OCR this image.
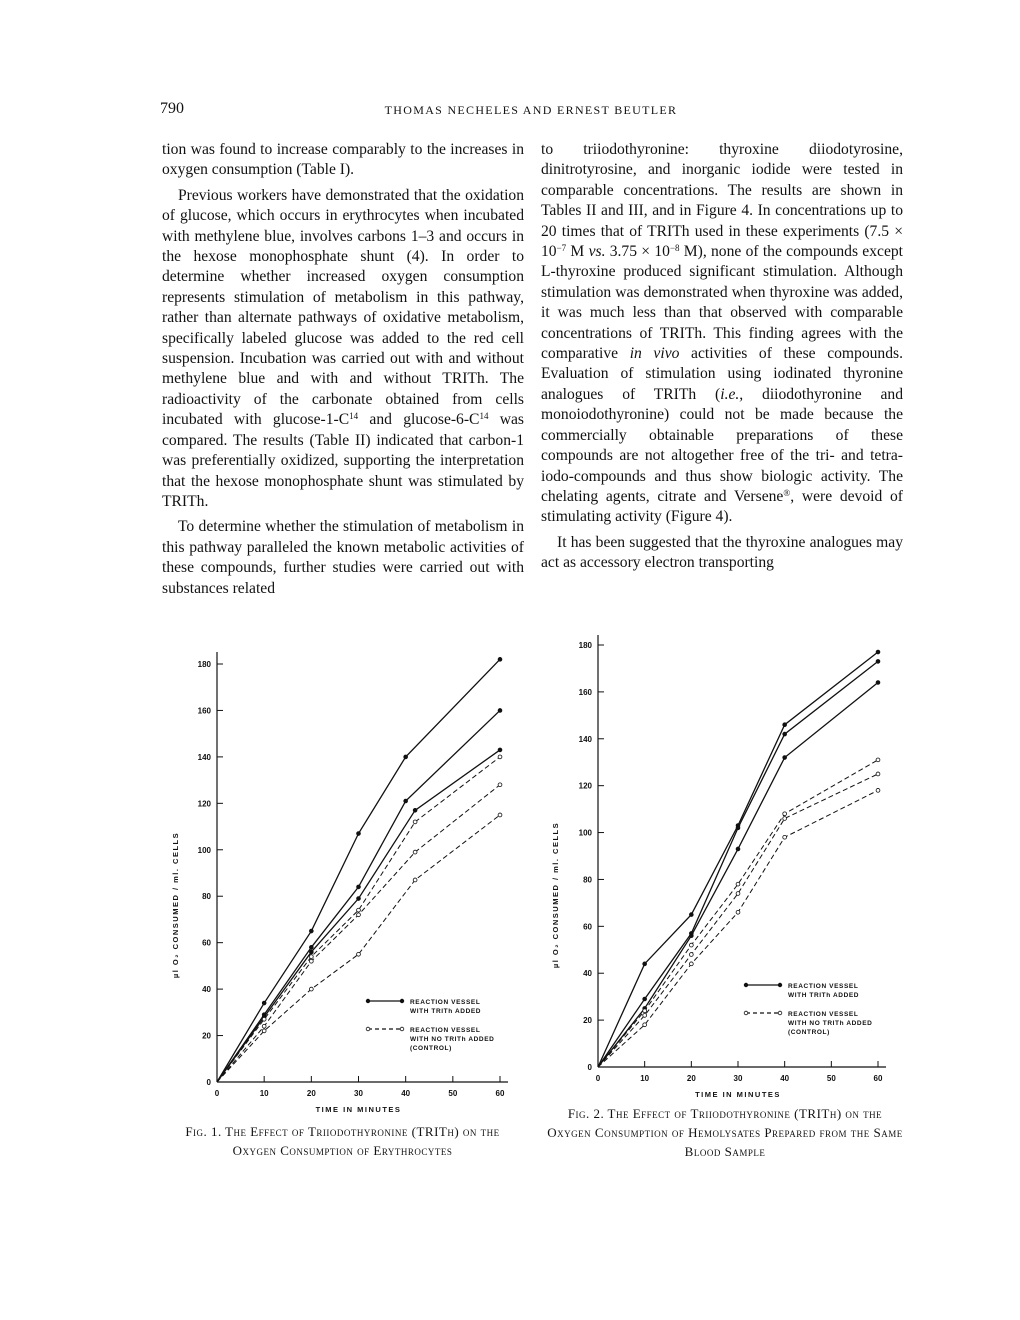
790	THOMAS NECHELES AND ERNEST BEUTLER

tion was found to increase comparably to the increases in oxygen consumption (Table I).

Previous workers have demonstrated that the oxidation of glucose, which occurs in erythrocytes when incubated with methylene blue, involves carbons 1–3 and occurs in the hexose monophosphate shunt (4). In order to determine whether increased oxygen consumption represents stimulation of metabolism in this pathway, rather than alternate pathways of oxidative metabolism, specifically labeled glucose was added to the red cell suspension. Incubation was carried out with and without methylene blue and with and without TRITh. The radioactivity of the carbonate obtained from cells incubated with glucose-$1-C^{14}$ and glucose-$6-C^{14}$ was compared. The results (Table II) indicated that carbon-1 was preferentially oxidized, supporting the interpretation that the hexose monophosphate shunt was stimulated by TRITh.

To determine whether the stimulation of metabolism in this pathway paralleled the known metabolic activities of these compounds, further studies were carried out with substances related

to triiodothyronine: thyroxine diiodotyrosine, dinitrotyrosine, and inorganic iodide were tested in comparable concentrations. The results are shown in Tables II and III, and in Figure 4. In concentrations up to 20 times that of TRITh used in these experiments ($7.5 \times 10^{-7}$ M vs. $3.75 \times 10^{-8}$ M), none of the compounds except L-thyroxine produced significant stimulation. Although stimulation was demonstrated when thyroxine was added, it was much less than that observed with comparable concentrations of TRITh. This finding agrees with the comparative in vivo activities of these compounds. Evaluation of stimulation using iodinated thyronine analogues of TRITh (i.e., diiodothyronine and monoiodothyronine) could not be made because the commercially obtainable preparations of these compounds are not altogether free of the tri- and tetra-iodo-compounds and thus show biologic activity. The chelating agents, citrate and Versene®, were devoid of stimulating activity (Figure 4).

It has been suggested that the thyroxine analogues may act as accessory electron transporting

0
20
40
60
80
100
120
140
160
180
0	10	20	30	40	50	60
TIME IN MINUTES
µl O₂ CONSUMED / ml. CELLS
REACTION VESSEL
WITH TRITh ADDED
REACTION VESSEL
WITH NO TRITh ADDED
(CONTROL)
0
20
40
60
80
100
120
140
160
180
0	10	20	30	40	50	60
TIME IN MINUTES
µl O₂ CONSUMED / ml. CELLS
REACTION VESSEL
WITH TRITh ADDED
REACTION VESSEL
WITH NO TRITh ADDED
(CONTROL)
Fig. 1. The Effect of Triiodothyronine (TRITh) on the Oxygen Consumption of Erythrocytes
Fig. 2. The Effect of Triiodothyronine (TRITh) on the Oxygen Consumption of Hemolysates Prepared from the Same Blood Sample
